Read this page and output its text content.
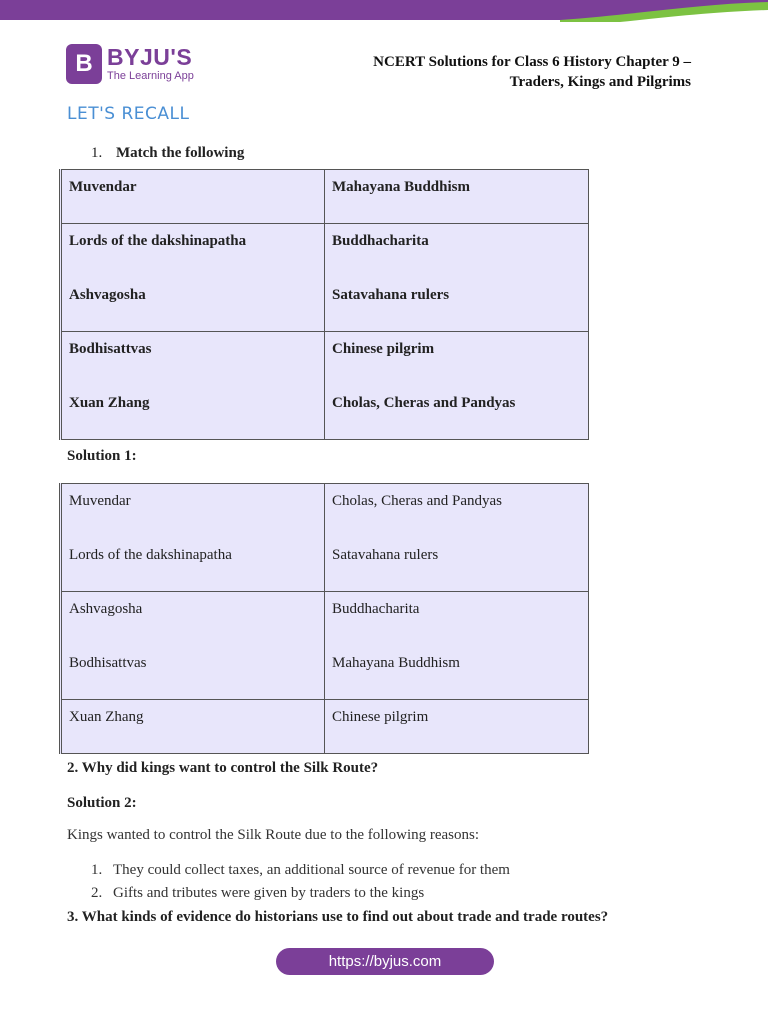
B BYJU'S
The Learning App
NCERT Solutions for Class 6 History Chapter 9 –
Traders, Kings and Pilgrims
LET'S RECALL
1. Match the following
Muvendar	Mahayana Buddhism
Lords of the dakshinapatha	Buddhacharita
Ashvagosha	Satavahana rulers
Bodhisattvas	Chinese pilgrim
Xuan Zhang	Cholas, Cheras and Pandyas
Solution 1:
Muvendar	Cholas, Cheras and Pandyas
Lords of the dakshinapatha	Satavahana rulers
Ashvagosha	Buddhacharita
Bodhisattvas	Mahayana Buddhism
Xuan Zhang	Chinese pilgrim
2. Why did kings want to control the Silk Route?
Solution 2:
Kings wanted to control the Silk Route due to the following reasons:
1. They could collect taxes, an additional source of revenue for them
2. Gifts and tributes were given by traders to the kings
3. What kinds of evidence do historians use to find out about trade and trade routes?
https://byjus.com
